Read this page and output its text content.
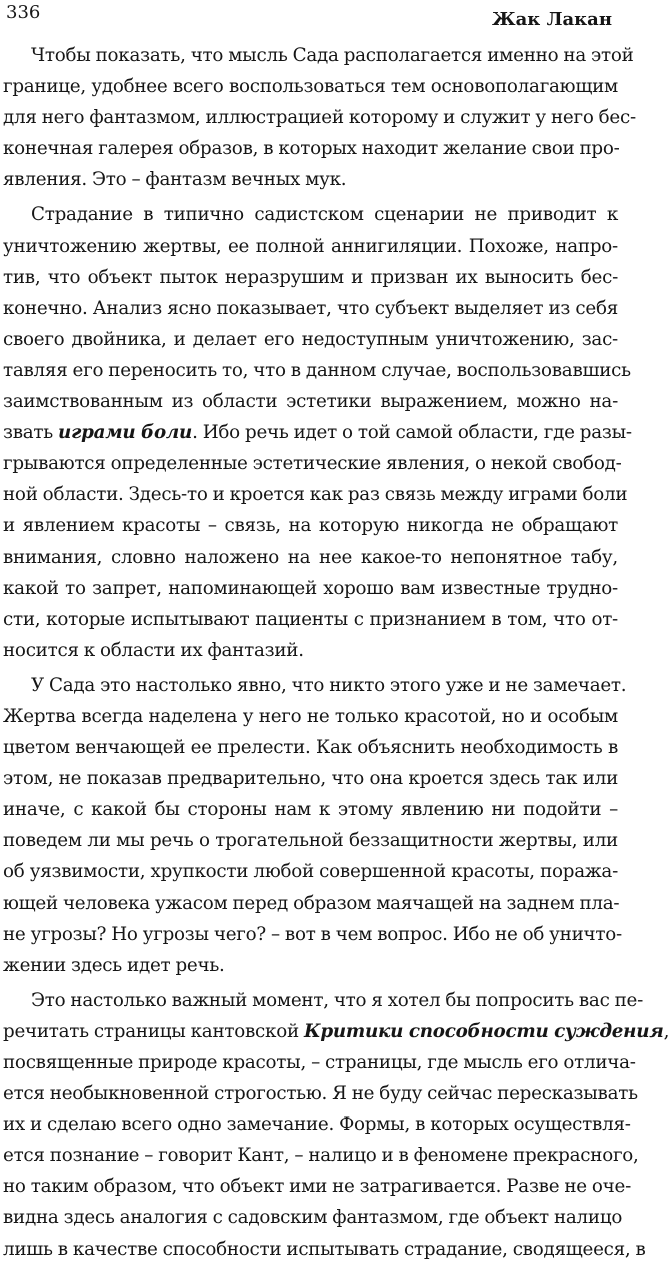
336	Жак Лакан
Чтобы показать, что мысль Сада располагается именно на этой
границе, удобнее всего воспользоваться тем основополагающим
для него фантазмом, иллюстрацией которому и служит у него бес-
конечная галерея образов, в которых находит желание свои про-
явления. Это – фантазм вечных мук.
Страдание в типично садистском сценарии не приводит к
уничтожению жертвы, ее полной аннигиляции. Похоже, напро-
тив, что объект пыток неразрушим и призван их выносить бес-
конечно. Анализ ясно показывает, что субъект выделяет из себя
своего двойника, и делает его недоступным уничтожению, зас-
тавляя его переносить то, что в данном случае, воспользовавшись
заимствованным из области эстетики выражением, можно на-
звать играми боли. Ибо речь идет о той самой области, где разы-
грываются определенные эстетические явления, о некой свобод-
ной области. Здесь-то и кроется как раз связь между играми боли
и явлением красоты – связь, на которую никогда не обращают
внимания, словно наложено на нее какое-то непонятное табу,
какой то запрет, напоминающей хорошо вам известные трудно-
сти, которые испытывают пациенты с признанием в том, что от-
носится к области их фантазий.
У Сада это настолько явно, что никто этого уже и не замечает.
Жертва всегда наделена у него не только красотой, но и особым
цветом венчающей ее прелести. Как объяснить необходимость в
этом, не показав предварительно, что она кроется здесь так или
иначе, с какой бы стороны нам к этому явлению ни подойти –
поведем ли мы речь о трогательной беззащитности жертвы, или
об уязвимости, хрупкости любой совершенной красоты, поража-
ющей человека ужасом перед образом маячащей на заднем пла-
не угрозы? Но угрозы чего? – вот в чем вопрос. Ибо не об уничто-
жении здесь идет речь.
Это настолько важный момент, что я хотел бы попросить вас пе-
речитать страницы кантовской Критики способности суждения,
посвященные природе красоты, – страницы, где мысль его отлича-
ется необыкновенной строгостью. Я не буду сейчас пересказывать
их и сделаю всего одно замечание. Формы, в которых осуществля-
ется познание – говорит Кант, – налицо и в феномене прекрасного,
но таким образом, что объект ими не затрагивается. Разве не оче-
видна здесь аналогия с садовским фантазмом, где объект налицо
лишь в качестве способности испытывать страдание, сводящееся, в
